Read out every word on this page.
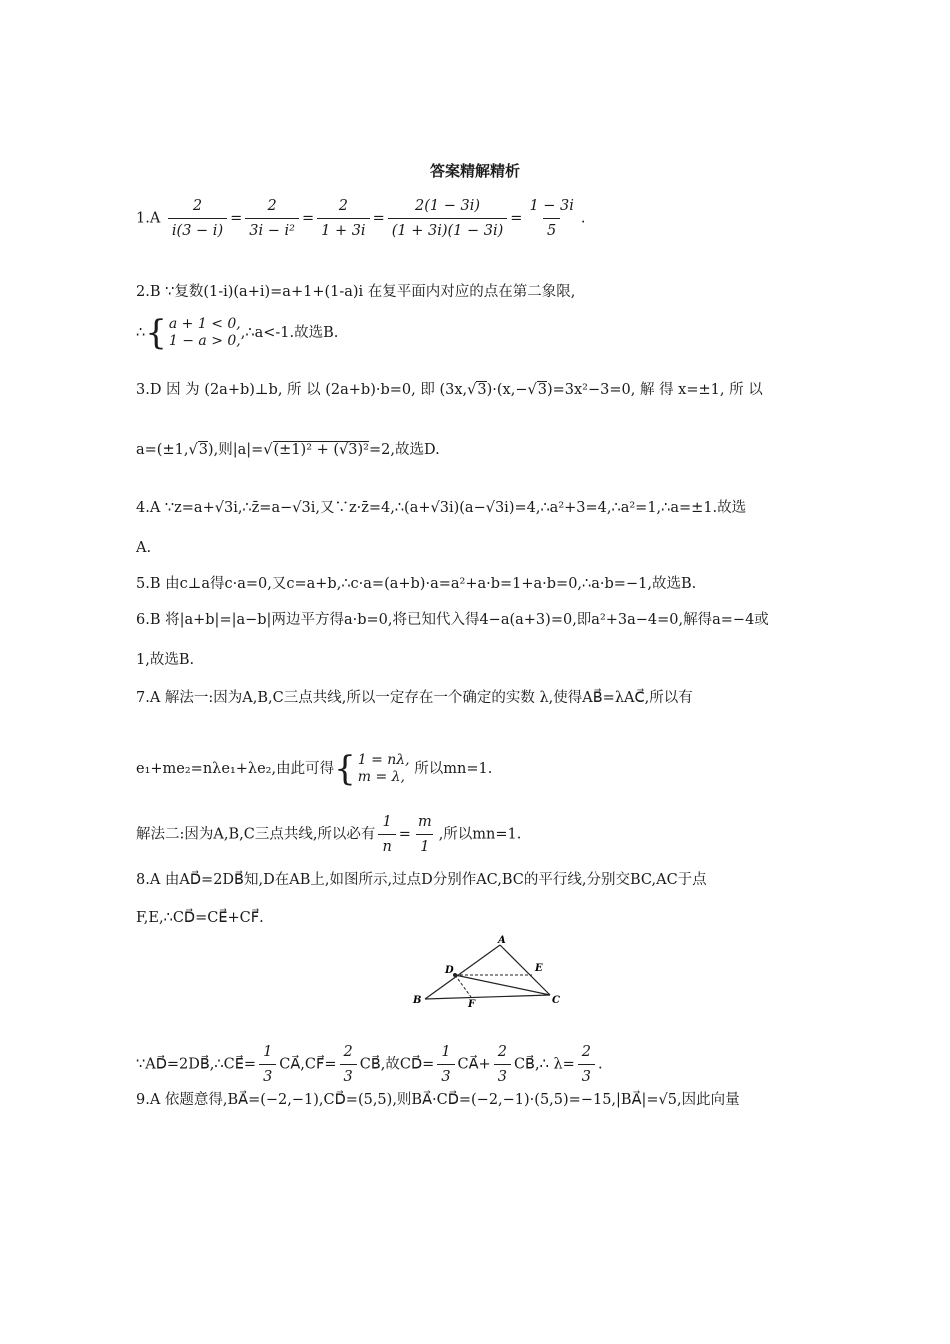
答案精解精析
$1.A \frac{2}{i(3 - i)} = \frac{2}{\text{3i − i²}} = \frac{2}{1 + 3i} = \frac{2(1 - 3i)}{(1 + 3i)(1 - 3i)} = \frac{1 - 3i}{5}$ .
2.B ∵复数(1-i)(a+i)=a+1+(1-a)i 在复平面内对应的点在第二象限,
∴ { a + 1 < 0,
1 − a > 0, ,∴a<-1.故选B.
3.D 因 为 (2a+b)⊥b, 所 以 (2a+b)·b=0, 即 (3x,√3)·(x,−√3)=3x²−3=0, 解 得 x=±1, 所 以
a=(±1,√3),则|a|=√(±1)² + (√3)²=2,故选D.
4.A ∵z=a+√3i,∴z̄=a−√3i,又∵z·z̄=4,∴(a+√3i)(a−√3i)=4,∴a²+3=4,∴a²=1,∴a=±1.故选
A.
5.B 由c⊥a得c·a=0,又c=a+b,∴c·a=(a+b)·a=a²+a·b=1+a·b=0,∴a·b=−1,故选B.
6.B 将|a+b|=|a−b|两边平方得a·b=0,将已知代入得4−a(a+3)=0,即a²+3a−4=0,解得a=−4或
1,故选B.
7.A 解法一:因为A,B,C三点共线,所以一定存在一个确定的实数 λ,使得AB⃗=λAC⃗,所以有
e₁+me₂=nλe₁+λe₂,由此可得 { 1 = nλ,
m = λ, 所以mn=1.
解法二:因为A,B,C三点共线,所以必有 $\frac{1}{n} = \frac{m}{1}$ ,所以mn=1.
8.A 由AD⃗=2DB⃗知,D在AB上,如图所示,过点D分别作AC,BC的平行线,分别交BC,AC于点
F,E,∴CD⃗=CE⃗+CF⃗.
A
B	C
D	E
F
∵AD⃗=2DB⃗,∴CE⃗= $\frac{1}{3}$ CA⃗,CF⃗= $\frac{2}{3}$ CB⃗,故CD⃗= $\frac{1}{3}$ CA⃗+ $\frac{2}{3}$ CB⃗,∴ $\lambda= \frac{2}{3}$ .
9.A 依题意得,BA⃗=(−2,−1),CD⃗=(5,5),则BA⃗·CD⃗=(−2,−1)·(5,5)=−15,|BA⃗|=√5,因此向量
